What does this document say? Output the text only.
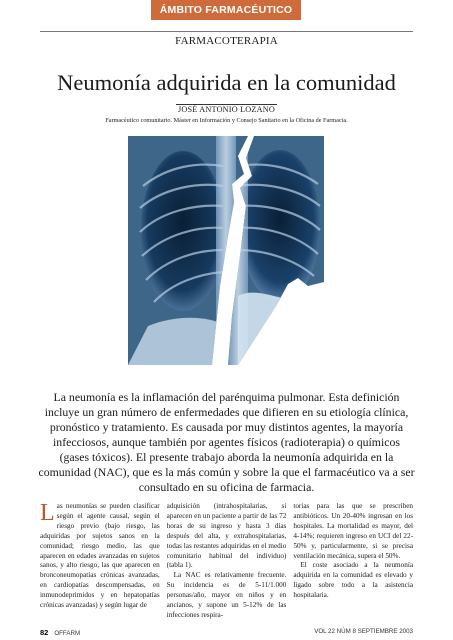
ÁMBITO FARMACÉUTICO
FARMACOTERAPIA
Neumonía adquirida en la comunidad
JOSÉ ANTONIO LOZANO
Farmacéutico comunitario. Máster en Información y Consejo Sanitario en la Oficina de Farmacia.
La neumonía es la inflamación del parénquima pulmonar. Esta definición incluye un gran número de enfermedades que difieren en su etiología clínica, pronóstico y tratamiento. Es causada por muy distintos agentes, la mayoría infecciosos, aunque también por agentes físicos (radioterapia) o químicos (gases tóxicos). El presente trabajo aborda la neumonía adquirida en la comunidad (NAC), que es la más común y sobre la que el farmacéutico va a ser consultado en su oficina de farmacia.

Las neumonías se pueden clasificar según el agente causal, según el riesgo previo (bajo riesgo, las adquiridas por sujetos sanos en la comunidad; riesgo medio, las que aparecen en edades avanzadas en sujetos sanos, y alto riesgo, las que aparecen en bronconeumopatías crónicas avanzadas, en cardiopatías descompensadas, en inmunodeprimidos y en hepatopatías crónicas avanzadas) y según lugar de

adquisición (intrahospitalarias, si aparecen en un paciente a partir de las 72 horas de su ingreso y hasta 3 días después del alta, y extrahospitalarias, todas las restantes adquiridas en el medio comunitario habitual del individuo) (tabla 1).

La NAC es relativamente frecuente. Su incidencia es de 5-11/1.000 personas/año, mayor en niños y en ancianos, y supone un 5-12% de las infecciones respira-

torias para las que se prescriben antibióticos. Un 20-40% ingresan en los hospitales. La mortalidad es mayor, del 4-14%; requieren ingreso en UCI del 22-50% y, particularmente, si se precisa ventilación mecánica, supera el 50%.

El coste asociado a la neumonía adquirida en la comunidad es elevado y ligado sobre todo a la asistencia hospitalaria.

82 OFFARM	VOL 22 NÚM 8 SEPTIEMBRE 2003
